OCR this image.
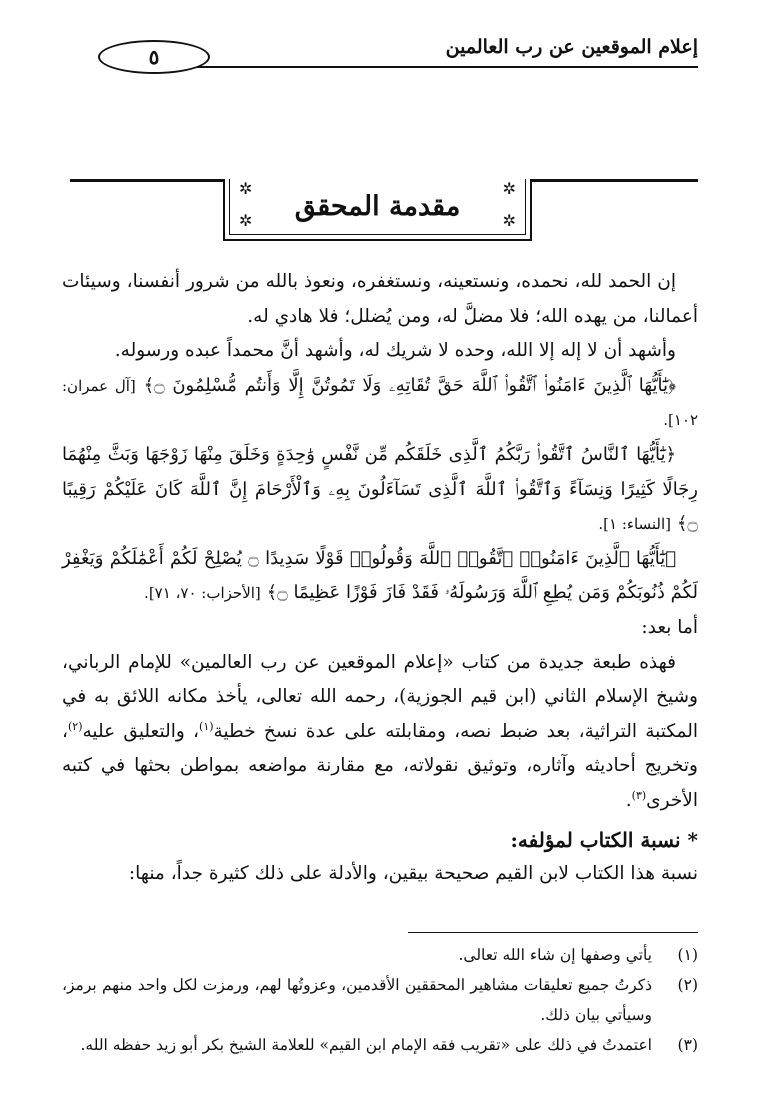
إعلام الموقعين عن رب العالمين
٥
✲
✲
✲
✲	مقدمة المحقق

إن الحمد لله، نحمده، ونستعينه، ونستغفره، ونعوذ بالله من شرور أنفسنا، وسيئات أعمالنا، من يهده الله؛ فلا مضلَّ له، ومن يُضلل؛ فلا هادي له.

وأشهد أن لا إله إلا الله، وحده لا شريك له، وأشهد أنَّ محمداً عبده ورسوله.

﴿يَٰٓأَيُّهَا ٱلَّذِينَ ءَامَنُوا۟ ٱتَّقُوا۟ ٱللَّهَ حَقَّ تُقَاتِهِۦ وَلَا تَمُوتُنَّ إِلَّا وَأَنتُم مُّسْلِمُونَ ۝﴾ [آل عمران: ١٠٢].

﴿يَٰٓأَيُّهَا ٱلنَّاسُ ٱتَّقُوا۟ رَبَّكُمُ ٱلَّذِى خَلَقَكُم مِّن نَّفْسٍ وَٰحِدَةٍ وَخَلَقَ مِنْهَا زَوْجَهَا وَبَثَّ مِنْهُمَا رِجَالًا كَثِيرًا وَنِسَآءً وَٱتَّقُوا۟ ٱللَّهَ ٱلَّذِى تَسَآءَلُونَ بِهِۦ وَٱلْأَرْحَامَ إِنَّ ٱللَّهَ كَانَ عَلَيْكُمْ رَقِيبًا ۝﴾ [النساء: ١].

﴿يَٰٓأَيُّهَا ٱلَّذِينَ ءَامَنُوا۟ ٱتَّقُوا۟ ٱللَّهَ وَقُولُوا۟ قَوْلًا سَدِيدًا ۝ يُصْلِحْ لَكُمْ أَعْمَٰلَكُمْ وَيَغْفِرْ لَكُمْ ذُنُوبَكُمْ وَمَن يُطِعِ ٱللَّهَ وَرَسُولَهُۥ فَقَدْ فَازَ فَوْزًا عَظِيمًا ۝﴾ [الأحزاب: ٧٠، ٧١].

أما بعد:

فهذه طبعة جديدة من كتاب «إعلام الموقعين عن رب العالمين» للإمام الرباني، وشيخ الإسلام الثاني (ابن قيم الجوزية)، رحمه الله تعالى، يأخذ مكانه اللائق به في المكتبة التراثية، بعد ضبط نصه، ومقابلته على عدة نسخ خطية$^{(١)}$، والتعليق عليه$^{(٢)}$، وتخريج أحاديثه وآثاره، وتوثيق نقولاته، مع مقارنة مواضعه بمواطن بحثها في كتبه الأخرى$^{(٣)}$.

* نسبة الكتاب لمؤلفه:

نسبة هذا الكتاب لابن القيم صحيحة بيقين، والأدلة على ذلك كثيرة جداً، منها:

(١)
يأتي وصفها إن شاء الله تعالى.
(٢)
ذكرتُ جميع تعليقات مشاهير المحققين الأقدمين، وعزوتُها لهم، ورمزت لكل واحد منهم برمز، وسيأتي بيان ذلك.
(٣)
اعتمدتُ في ذلك على «تقريب فقه الإمام ابن القيم» للعلامة الشيخ بكر أبو زيد حفظه الله.
